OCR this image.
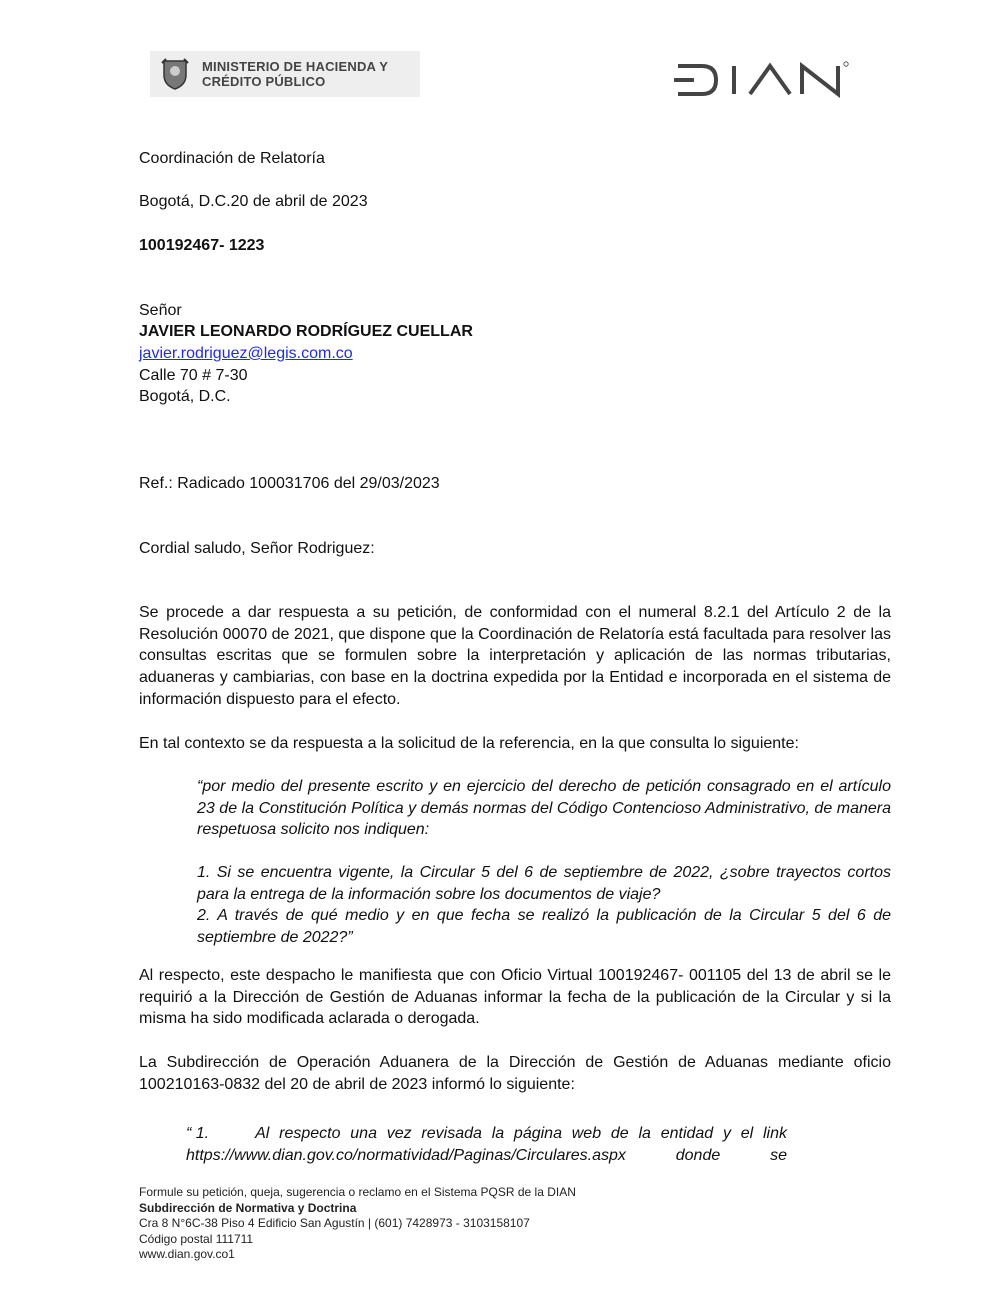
MINISTERIO DE HACIENDA Y
CRÉDITO PÚBLICO
Coordinación de Relatoría
Bogotá, D.C.20 de abril de 2023
100192467- 1223
Señor
JAVIER LEONARDO RODRÍGUEZ CUELLAR
javier.rodriguez@legis.com.co
Calle 70 # 7-30
Bogotá, D.C.
Ref.: Radicado 100031706 del 29/03/2023
Cordial saludo, Señor Rodriguez:
Se procede a dar respuesta a su petición, de conformidad con el numeral 8.2.1 del Artículo 2 de la Resolución 00070 de 2021, que dispone que la Coordinación de Relatoría está facultada para resolver las consultas escritas que se formulen sobre la interpretación y aplicación de las normas tributarias, aduaneras y cambiarias, con base en la doctrina expedida por la Entidad e incorporada en el sistema de información dispuesto para el efecto.
En tal contexto se da respuesta a la solicitud de la referencia, en la que consulta lo siguiente:
“por medio del presente escrito y en ejercicio del derecho de petición consagrado en el artículo 23 de la Constitución Política y demás normas del Código Contencioso Administrativo, de manera respetuosa solicito nos indiquen:
1. Si se encuentra vigente, la Circular 5 del 6 de septiembre de 2022, ¿sobre trayectos cortos para la entrega de la información sobre los documentos de viaje?
2. A través de qué medio y en que fecha se realizó la publicación de la Circular 5 del 6 de septiembre de 2022?”
Al respecto, este despacho le manifiesta que con Oficio Virtual 100192467- 001105 del 13 de abril se le requirió a la Dirección de Gestión de Aduanas informar la fecha de la publicación de la Circular y si la misma ha sido modificada aclarada o derogada.
La Subdirección de Operación Aduanera de la Dirección de Gestión de Aduanas mediante oficio 100210163-0832 del 20 de abril de 2023 informó lo siguiente:
“ 1.	Al respecto una vez revisada la página web de la entidad y el link
https://www.dian.gov.co/normatividad/Paginas/Circulares.aspx	donde	se
Formule su petición, queja, sugerencia o reclamo en el Sistema PQSR de la DIAN
Subdirección de Normativa y Doctrina
Cra 8 N°6C-38 Piso 4 Edificio San Agustín | (601) 7428973 - 3103158107
Código postal 111711
www.dian.gov.co1
